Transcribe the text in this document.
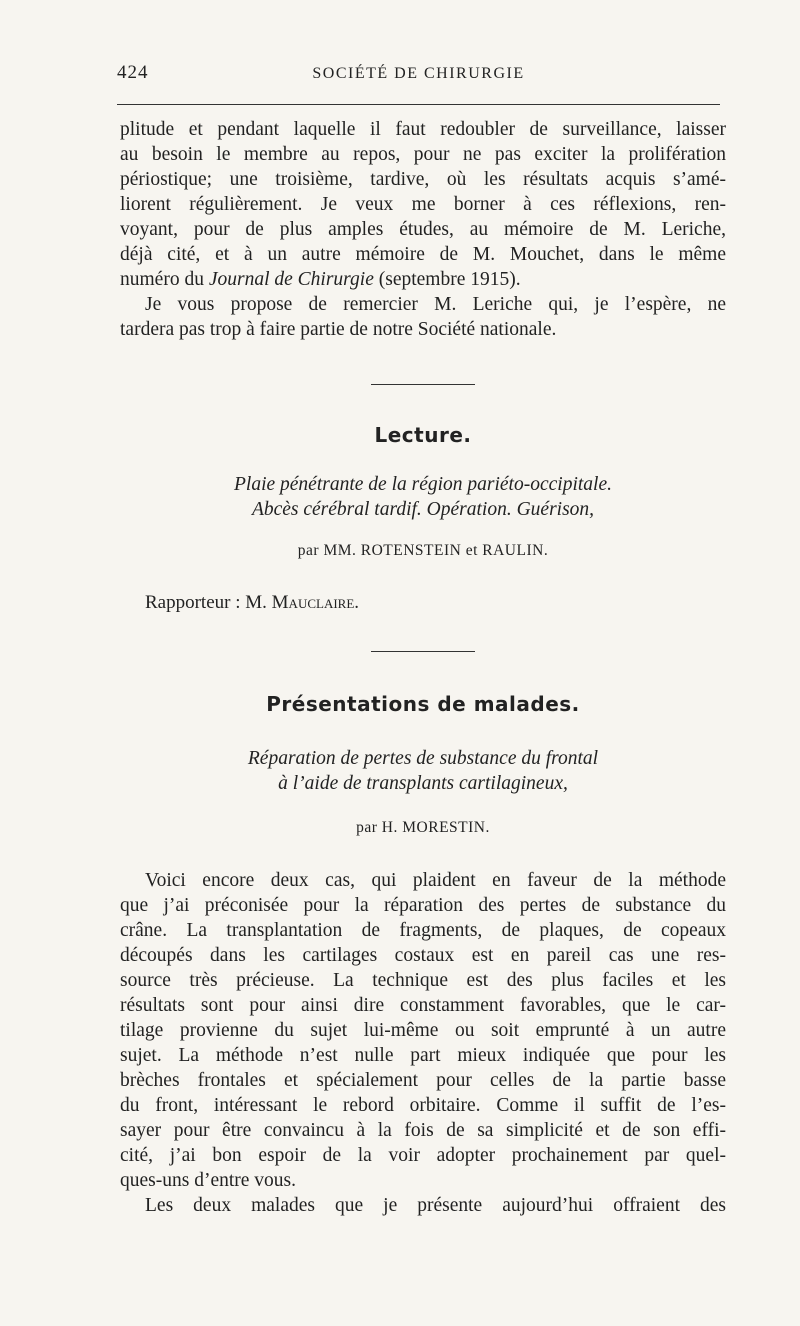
424	SOCIÉTÉ DE CHIRURGIE

plitude et pendant laquelle il faut redoubler de surveillance, laisser
au besoin le membre au repos, pour ne pas exciter la prolifération
périostique; une troisième, tardive, où les résultats acquis s’amé-
liorent régulièrement. Je veux me borner à ces réflexions, ren-
voyant, pour de plus amples études, au mémoire de M. Leriche,
déjà cité, et à un autre mémoire de M. Mouchet, dans le même
numéro du Journal de Chirurgie (septembre 1915).

Je vous propose de remercier M. Leriche qui, je l’espère, ne
tardera pas trop à faire partie de notre Société nationale.

Lecture.
Plaie pénétrante de la région pariéto-occipitale.
Abcès cérébral tardif. Opération. Guérison,
par MM. ROTENSTEIN et RAULIN.
Rapporteur : M. Mauclaire.
Présentations de malades.
Réparation de pertes de substance du frontal
à l’aide de transplants cartilagineux,
par H. MORESTIN.

Voici encore deux cas, qui plaident en faveur de la méthode
que j’ai préconisée pour la réparation des pertes de substance du
crâne. La transplantation de fragments, de plaques, de copeaux
découpés dans les cartilages costaux est en pareil cas une res-
source très précieuse. La technique est des plus faciles et les
résultats sont pour ainsi dire constamment favorables, que le car-
tilage provienne du sujet lui-même ou soit emprunté à un autre
sujet. La méthode n’est nulle part mieux indiquée que pour les
brèches frontales et spécialement pour celles de la partie basse
du front, intéressant le rebord orbitaire. Comme il suffit de l’es-
sayer pour être convaincu à la fois de sa simplicité et de son effi-
cité, j’ai bon espoir de la voir adopter prochainement par quel-
ques-uns d’entre vous.
Les deux malades que je présente aujourd’hui offraient des
